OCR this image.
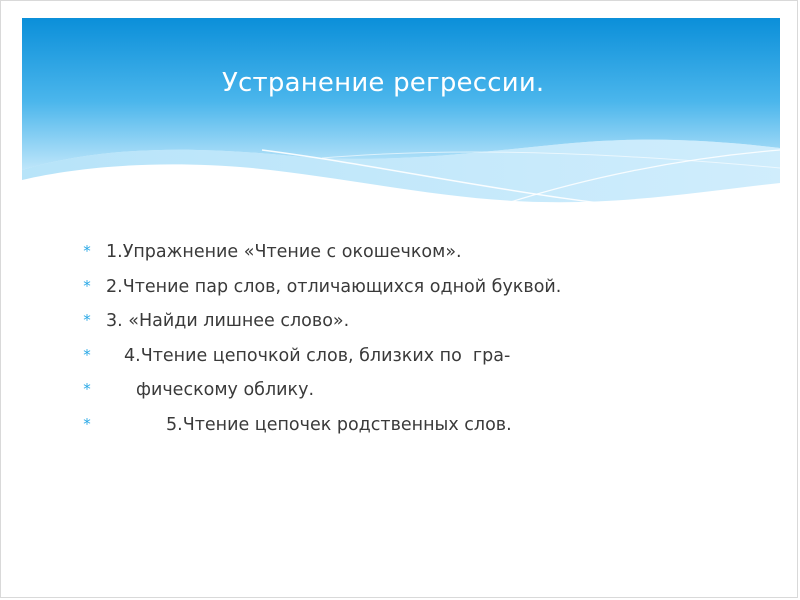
Устранение регрессии.

*

1.Упражнение «Чтение с окошечком».

*

2.Чтение пар слов, отличающихся одной буквой.

*

3. «Найди лишнее слово».

*

4.Чтение цепочкой слов, близких по  гра-

*

	фическому облику.

*

	5.Чтение цепочек родственных слов.
